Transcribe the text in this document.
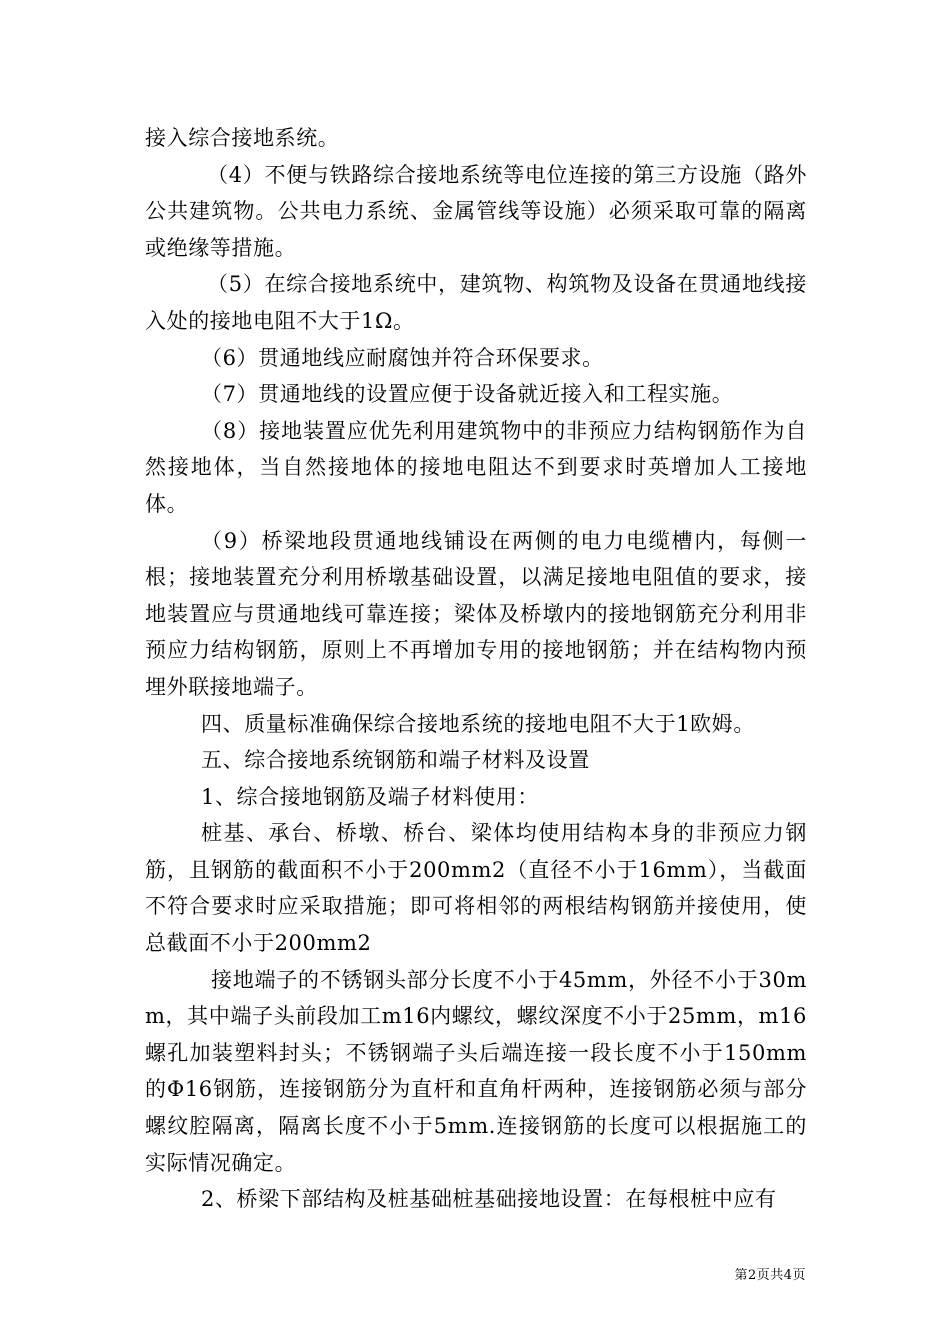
接入综合接地系统。

（4）不便与铁路综合接地系统等电位连接的第三方设施（路外公共建筑物。公共电力系统、金属管线等设施）必须采取可靠的隔离或绝缘等措施。

（5）在综合接地系统中，建筑物、构筑物及设备在贯通地线接入处的接地电阻不大于1Ω。

（6）贯通地线应耐腐蚀并符合环保要求。

（7）贯通地线的设置应便于设备就近接入和工程实施。

（8）接地装置应优先利用建筑物中的非预应力结构钢筋作为自然接地体，当自然接地体的接地电阻达不到要求时英增加人工接地体。

（9）桥梁地段贯通地线铺设在两侧的电力电缆槽内，每侧一根；接地装置充分利用桥墩基础设置，以满足接地电阻值的要求，接地装置应与贯通地线可靠连接；梁体及桥墩内的接地钢筋充分利用非预应力结构钢筋，原则上不再增加专用的接地钢筋；并在结构物内预埋外联接地端子。

四、质量标准确保综合接地系统的接地电阻不大于1欧姆。

五、综合接地系统钢筋和端子材料及设置

1、综合接地钢筋及端子材料使用：

桩基、承台、桥墩、桥台、梁体均使用结构本身的非预应力钢筋，且钢筋的截面积不小于200mm2（直径不小于16mm），当截面不符合要求时应采取措施；即可将相邻的两根结构钢筋并接使用，使总截面不小于200mm2

接地端子的不锈钢头部分长度不小于45mm，外径不小于30mm，其中端子头前段加工m16内螺纹，螺纹深度不小于25mm，m16螺孔加装塑料封头；不锈钢端子头后端连接一段长度不小于150mm的Φ16钢筋，连接钢筋分为直杆和直角杆两种，连接钢筋必须与部分螺纹腔隔离，隔离长度不小于5mm.连接钢筋的长度可以根据施工的实际情况确定。

2、桥梁下部结构及桩基础桩基础接地设置：在每根桩中应有

第2页共4页
